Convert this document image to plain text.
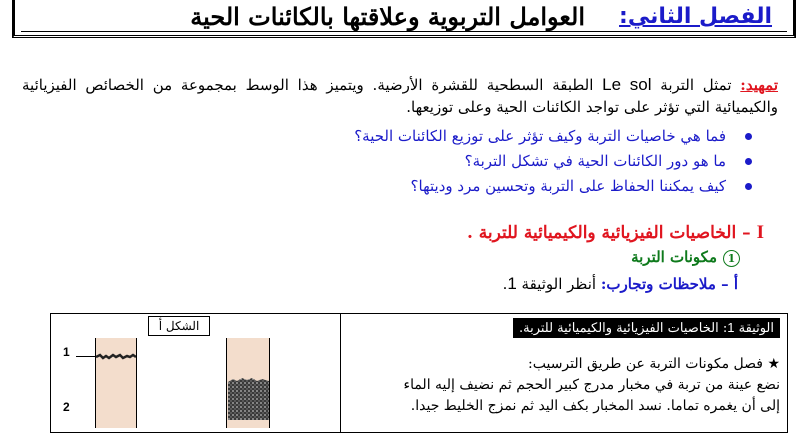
الفصل الثاني:
العوامل التربوية وعلاقتها بالكائنات الحية
تمهيد: تمثل التربة Le sol الطبقة السطحية للقشرة الأرضية. ويتميز هذا الوسط بمجموعة من الخصائص الفيزيائية والكيميائية التي تؤثر على تواجد الكائنات الحية وعلى توزيعها.
فما هي خاصيات التربة وكيف تؤثر على توزيع الكائنات الحية؟
ما هو دور الكائنات الحية في تشكل التربة؟
كيف يمكننا الحفاظ على التربة وتحسين مرد وديتها؟
I– الخاصيات الفيزيائية والكيميائية للتربة .
1مكونات التربة
أ – ملاحظات وتجارب: أنظر الوثيقة 1.
الوثيقة 1: الخاصيات الفيزيائية والكيميائية للتربة.
★ فصل مكونات التربة عن طريق الترسيب:
نضع عينة من تربة في مخبار مدرج كبير الحجم ثم نضيف إليه الماء
إلى أن يغمره تماما. نسد المخبار بكف اليد ثم نمزج الخليط جيدا.
الشكل أ
1
2
